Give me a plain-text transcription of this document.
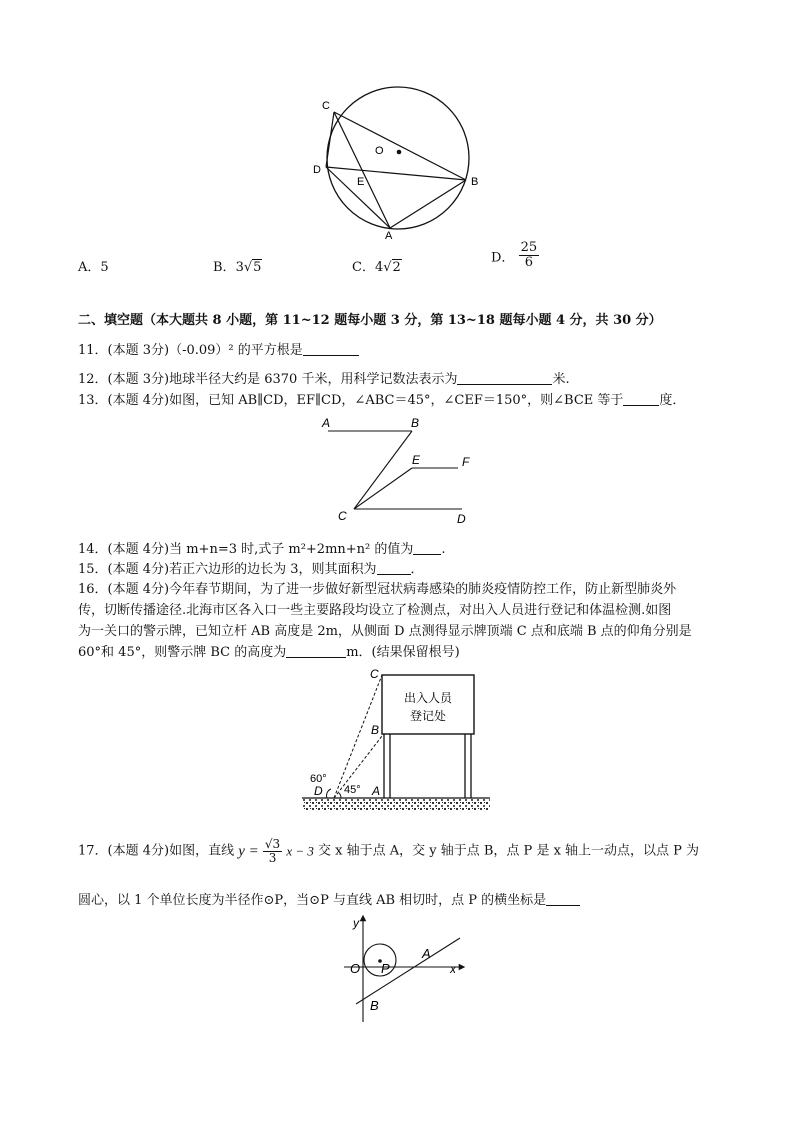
C
O
D
E	B
A
A．5	B．3√5	C．4√2
D． $\frac{25}{6}$
二、填空题（本大题共 8 小题，第 11~12 题每小题 3 分，第 13~18 题每小题 4 分，共 30 分）
11．(本题 3分)（-0.09）² 的平方根是
12．(本题 3分)地球半径大约是 6370 千米，用科学记数法表示为	米.
13．(本题 4分)如图，已知 AB∥CD，EF∥CD，∠ABC＝45°，∠CEF＝150°，则∠BCE 等于	度．
A	B
E	F
C	D
14．(本题 4分)当 m+n=3 时,式子 m²+2mn+n² 的值为 .
15．(本题 4分)若正六边形的边长为 3，则其面积为	．
16．(本题 4分)今年春节期间，为了进一步做好新型冠状病毒感染的肺炎疫情防控工作，防止新型肺炎外
传，切断传播途径.北海市区各入口一些主要路段均设立了检测点，对出入人员进行登记和体温检测.如图
为一关口的警示牌，已知立杆 AB 高度是 2m，从侧面 D 点测得显示牌顶端 C 点和底端 B 点的仰角分别是
60°和 45°，则警示牌 BC 的高度为	m．(结果保留根号)
出入人员
登记处
C
B
60°
D 45° A
17．(本题 4分)如图，直线 $y = \frac{√3}{3}$ x − 3 交 x 轴于点 A，交 y 轴于点 B，点 P 是 x 轴上一动点，以点 P 为
圆心，以 1 个单位长度为半径作⊙P，当⊙P 与直线 AB 相切时，点 P 的横坐标是
y
x
O P
A
B
